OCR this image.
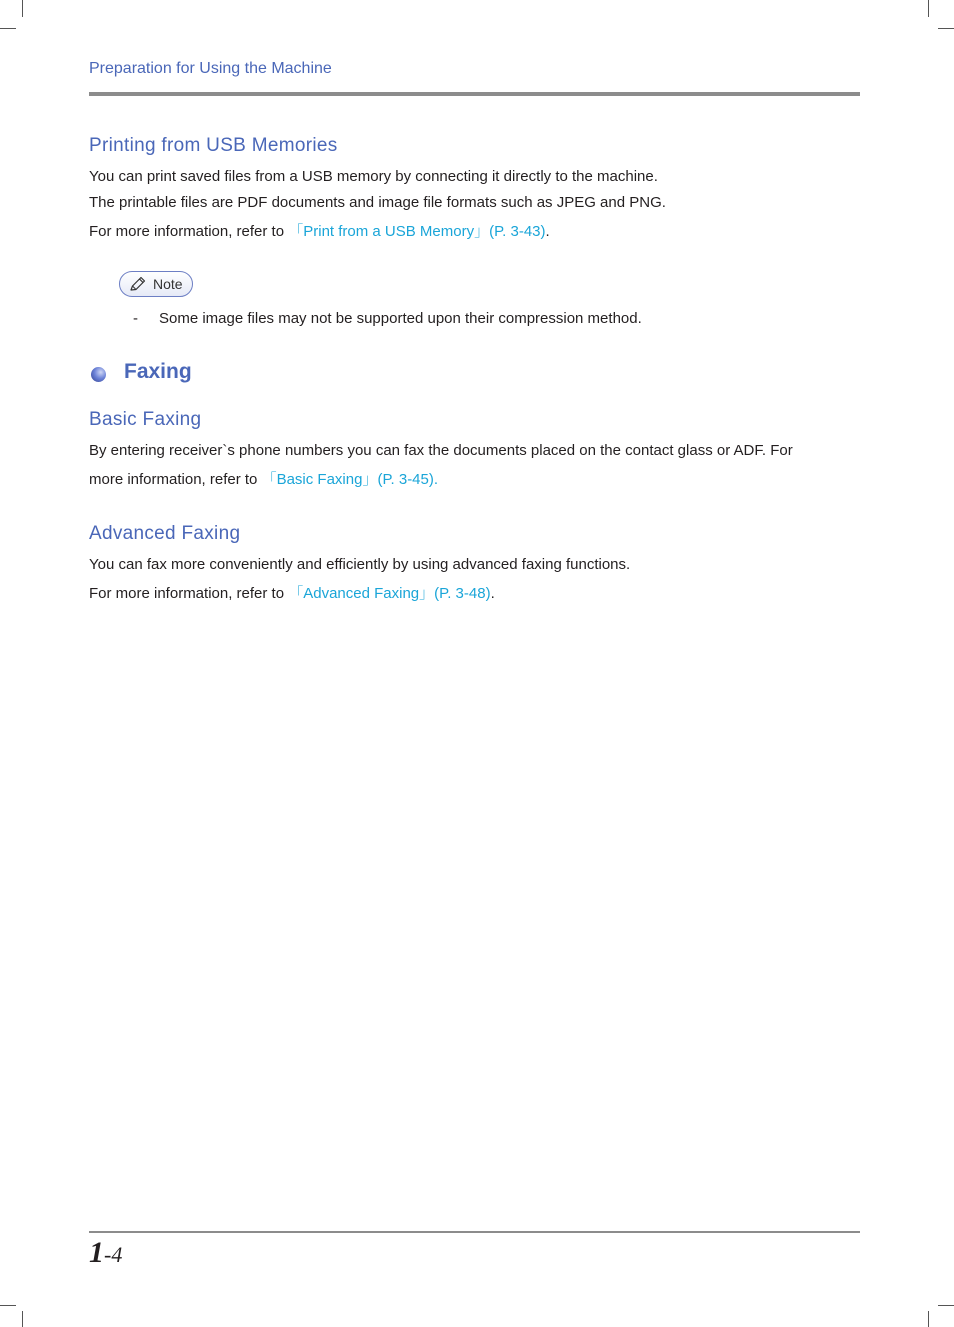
Preparation for Using the Machine
Printing from USB Memories
You can print saved files from a USB memory by connecting it directly to the machine.
The printable files are PDF documents and image file formats such as JPEG and PNG.
For more information, refer to 「Print from a USB Memory」(P. 3-43).
Note
- Some image files may not be supported upon their compression method.
Faxing
Basic Faxing
By entering receiver`s phone numbers you can fax the documents placed on the contact glass or ADF. For
more information, refer to 「Basic Faxing」(P. 3-45).
Advanced Faxing
You can fax more conveniently and efficiently by using advanced faxing functions.
For more information, refer to 「Advanced Faxing」(P. 3-48).
1-4
